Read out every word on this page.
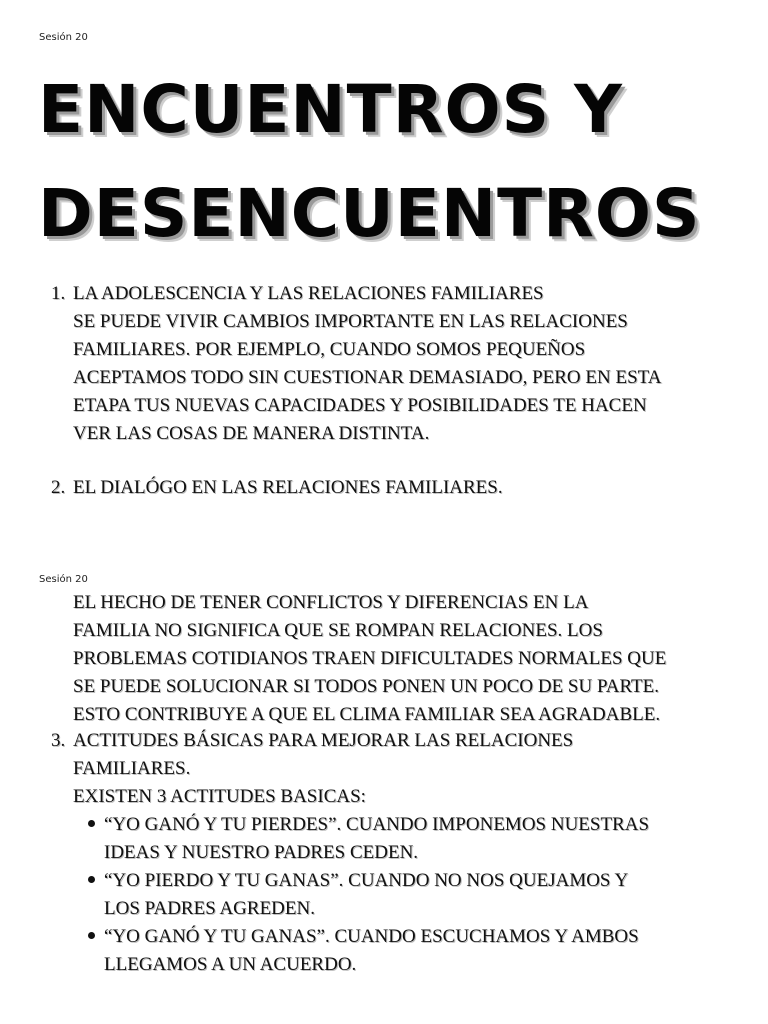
Sesión 20
ENCUENTROS Y
DESENCUENTROS
1. LA ADOLESCENCIA Y LAS RELACIONES FAMILIARES
SE PUEDE VIVIR CAMBIOS IMPORTANTE EN LAS RELACIONES
FAMILIARES. POR EJEMPLO, CUANDO SOMOS PEQUEÑOS
ACEPTAMOS TODO SIN CUESTIONAR DEMASIADO, PERO EN ESTA
ETAPA TUS NUEVAS CAPACIDADES Y POSIBILIDADES TE HACEN
VER LAS COSAS DE MANERA DISTINTA.
2. EL DIALÓGO EN LAS RELACIONES FAMILIARES.
Sesión 20
EL HECHO DE TENER CONFLICTOS Y DIFERENCIAS EN LA
FAMILIA NO SIGNIFICA QUE SE ROMPAN RELACIONES. LOS
PROBLEMAS COTIDIANOS TRAEN DIFICULTADES NORMALES QUE
SE PUEDE SOLUCIONAR SI TODOS PONEN UN POCO DE SU PARTE.
ESTO CONTRIBUYE A QUE EL CLIMA FAMILIAR SEA AGRADABLE.
3. ACTITUDES BÁSICAS PARA MEJORAR LAS RELACIONES
FAMILIARES.
EXISTEN 3 ACTITUDES BASICAS:
“YO GANÓ Y TU PIERDES”. CUANDO IMPONEMOS NUESTRAS
IDEAS Y NUESTRO PADRES CEDEN.
“YO PIERDO Y TU GANAS”. CUANDO NO NOS QUEJAMOS Y
LOS PADRES AGREDEN.
“YO GANÓ Y TU GANAS”. CUANDO ESCUCHAMOS Y AMBOS
LLEGAMOS A UN ACUERDO.
